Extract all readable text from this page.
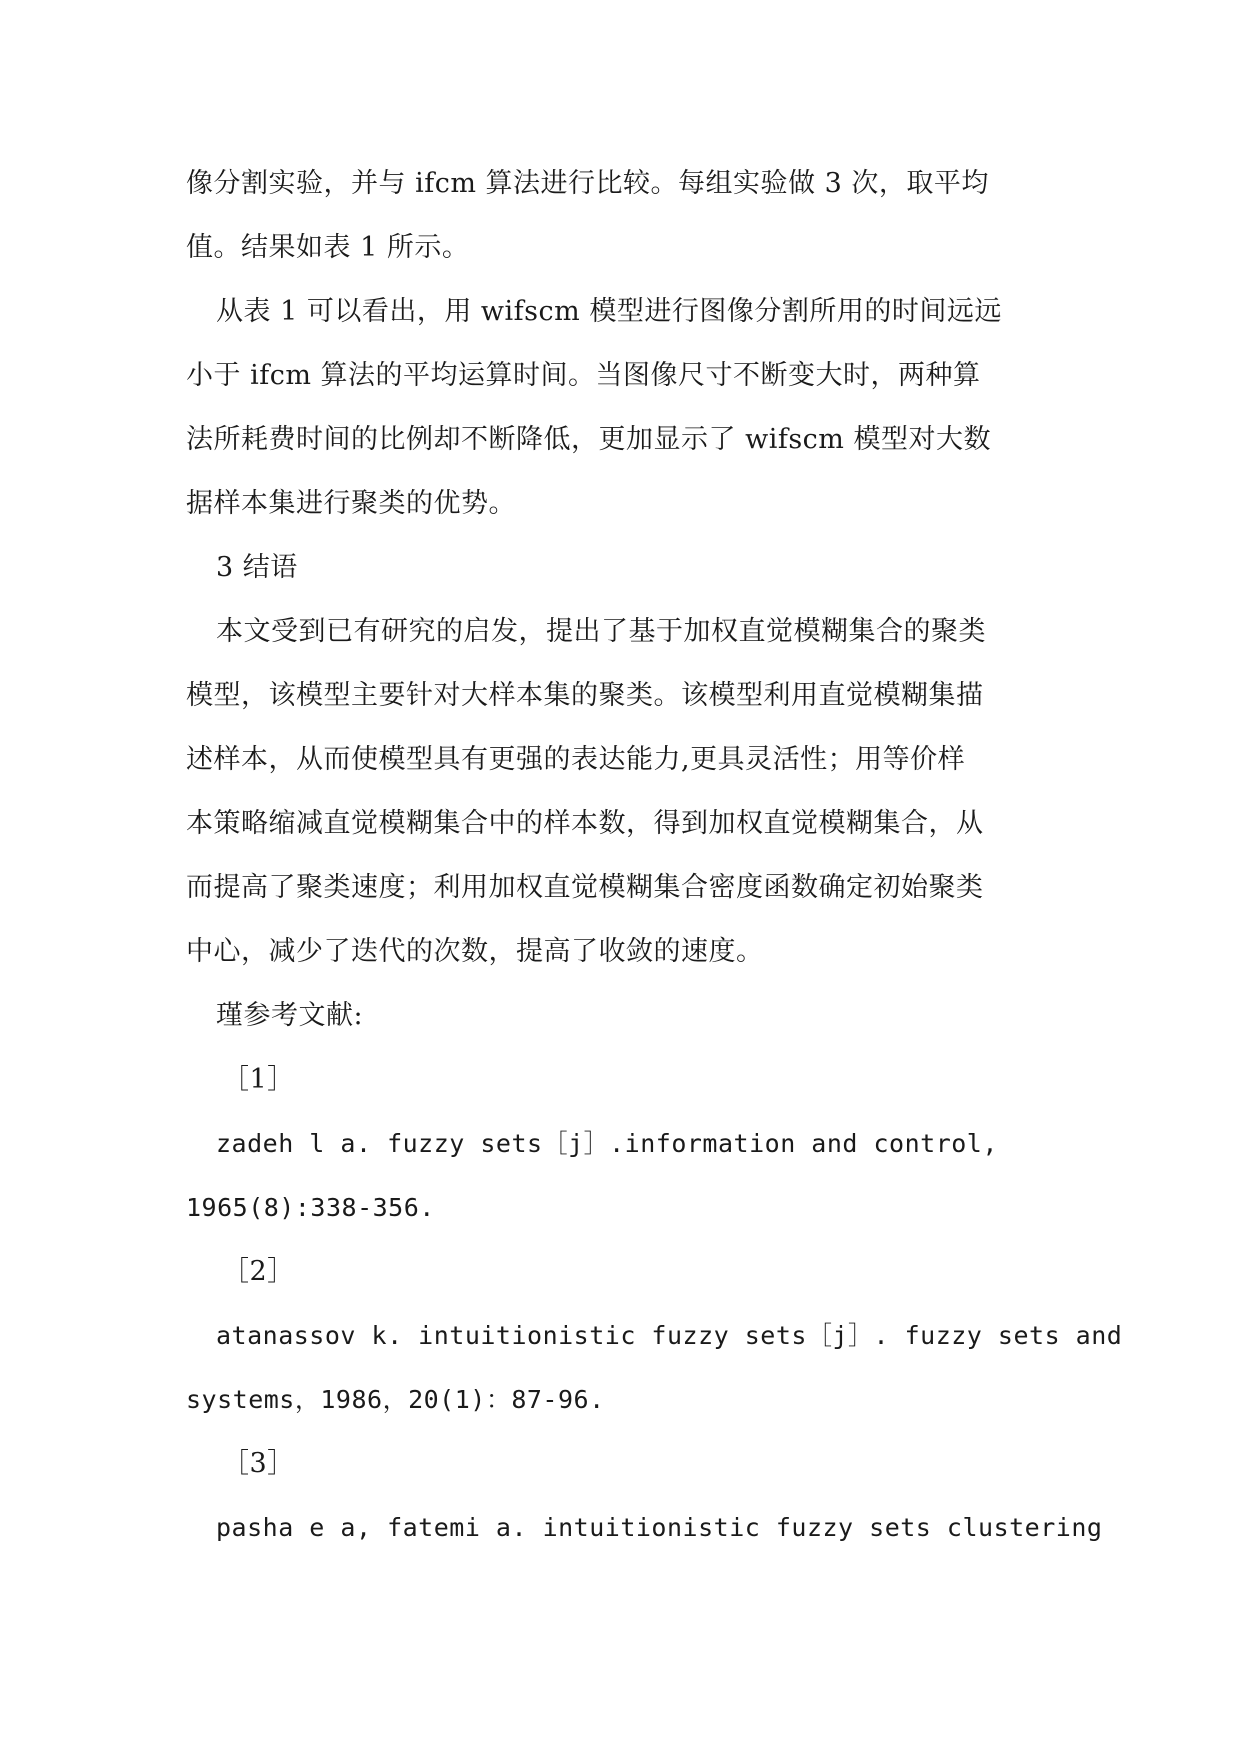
像分割实验，并与 ifcm 算法进行比较。每组实验做 3 次，取平均
值。结果如表 1 所示。
从表 1 可以看出，用 wifscm 模型进行图像分割所用的时间远远
小于 ifcm 算法的平均运算时间。当图像尺寸不断变大时，两种算
法所耗费时间的比例却不断降低，更加显示了 wifscm 模型对大数
据样本集进行聚类的优势。
3 结语
本文受到已有研究的启发，提出了基于加权直觉模糊集合的聚类
模型，该模型主要针对大样本集的聚类。该模型利用直觉模糊集描
述样本，从而使模型具有更强的表达能力,更具灵活性；用等价样
本策略缩减直觉模糊集合中的样本数，得到加权直觉模糊集合，从
而提高了聚类速度；利用加权直觉模糊集合密度函数确定初始聚类
中心，减少了迭代的次数，提高了收敛的速度。
瑾参考文献:
［1］
zadeh l a. fuzzy sets［j］.information and control,
1965(8):338-356.
［2］
atanassov k. intuitionistic fuzzy sets［j］. fuzzy sets and
systems，1986，20(1)：87-96.
［3］
pasha e a, fatemi a. intuitionistic fuzzy sets clustering
